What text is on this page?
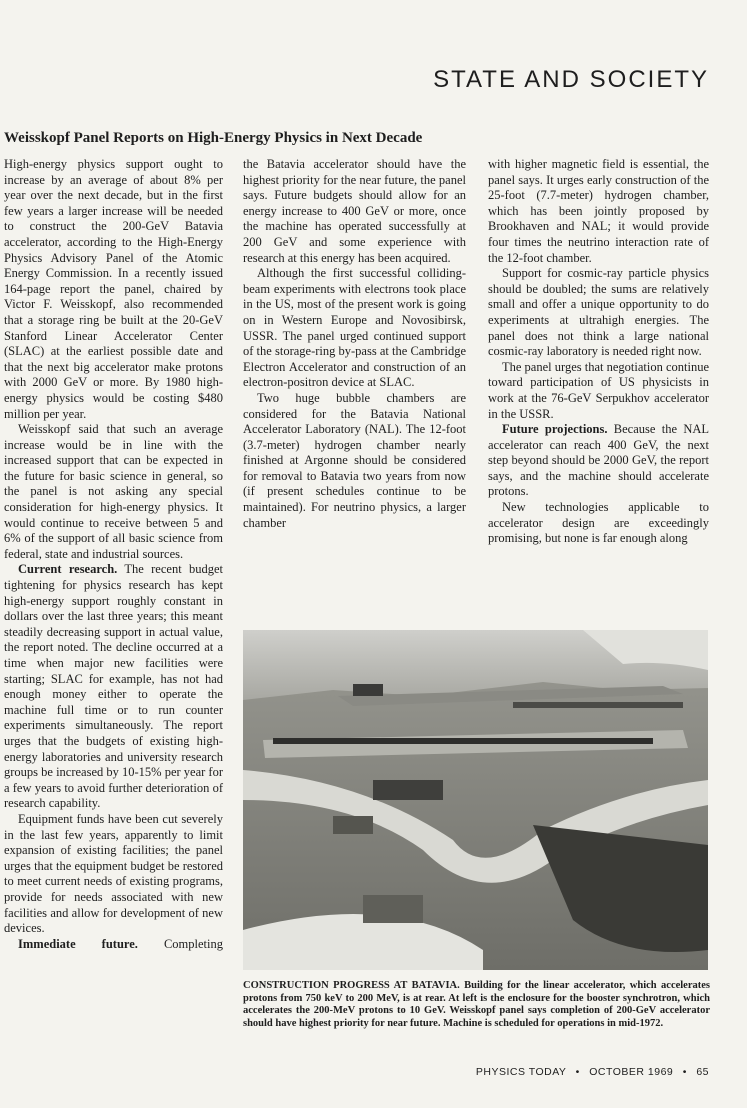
STATE AND SOCIETY
Weisskopf Panel Reports on High-Energy Physics in Next Decade

High-energy physics support ought to increase by an average of about 8% per year over the next decade, but in the first few years a larger increase will be needed to construct the 200-GeV Batavia accelerator, according to the High-Energy Physics Advisory Panel of the Atomic Energy Commission. In a recently issued 164-page report the panel, chaired by Victor F. Weisskopf, also recommended that a storage ring be built at the 20-GeV Stanford Linear Accelerator Center (SLAC) at the earliest possible date and that the next big accelerator make protons with 2000 GeV or more. By 1980 high-energy physics would be costing $480 million per year.

Weisskopf said that such an average increase would be in line with the increased support that can be expected in the future for basic science in general, so the panel is not asking any special consideration for high-energy physics. It would continue to receive between 5 and 6% of the support of all basic science from federal, state and industrial sources.

Current research. The recent budget tightening for physics research has kept high-energy support roughly constant in dollars over the last three years; this meant steadily decreasing support in actual value, the report noted. The decline occurred at a time when major new facilities were starting; SLAC for example, has not had enough money either to operate the machine full time or to run counter experiments simultaneously. The report urges that the budgets of existing high-energy laboratories and university research groups be increased by 10-15% per year for a few years to avoid further deterioration of research capability.

Equipment funds have been cut severely in the last few years, apparently to limit expansion of existing facilities; the panel urges that the equipment budget be restored to meet current needs of existing programs, provide for needs associated with new facilities and allow for development of new devices.

Immediate future. Completing

the Batavia accelerator should have the highest priority for the near future, the panel says. Future budgets should allow for an energy increase to 400 GeV or more, once the machine has operated successfully at 200 GeV and some experience with research at this energy has been acquired.

Although the first successful colliding-beam experiments with electrons took place in the US, most of the present work is going on in Western Europe and Novosibirsk, USSR. The panel urged continued support of the storage-ring by-pass at the Cambridge Electron Accelerator and construction of an electron-positron device at SLAC.

Two huge bubble chambers are considered for the Batavia National Accelerator Laboratory (NAL). The 12-foot (3.7-meter) hydrogen chamber nearly finished at Argonne should be considered for removal to Batavia two years from now (if present schedules continue to be maintained). For neutrino physics, a larger chamber

with higher magnetic field is essential, the panel says. It urges early construction of the 25-foot (7.7-meter) hydrogen chamber, which has been jointly proposed by Brookhaven and NAL; it would provide four times the neutrino interaction rate of the 12-foot chamber.

Support for cosmic-ray particle physics should be doubled; the sums are relatively small and offer a unique opportunity to do experiments at ultrahigh energies. The panel does not think a large national cosmic-ray laboratory is needed right now.

The panel urges that negotiation continue toward participation of US physicists in work at the 76-GeV Serpukhov accelerator in the USSR.

Future projections. Because the NAL accelerator can reach 400 GeV, the next step beyond should be 2000 GeV, the report says, and the machine should accelerate protons.

New technologies applicable to accelerator design are exceedingly promising, but none is far enough along

CONSTRUCTION PROGRESS AT BATAVIA. Building for the linear accelerator, which accelerates protons from 750 keV to 200 MeV, is at rear. At left is the enclosure for the booster synchrotron, which accelerates the 200-MeV protons to 10 GeV. Weisskopf panel says completion of 200-GeV accelerator should have highest priority for near future. Machine is scheduled for operations in mid-1972.
PHYSICS TODAY • OCTOBER 1969 • 65
